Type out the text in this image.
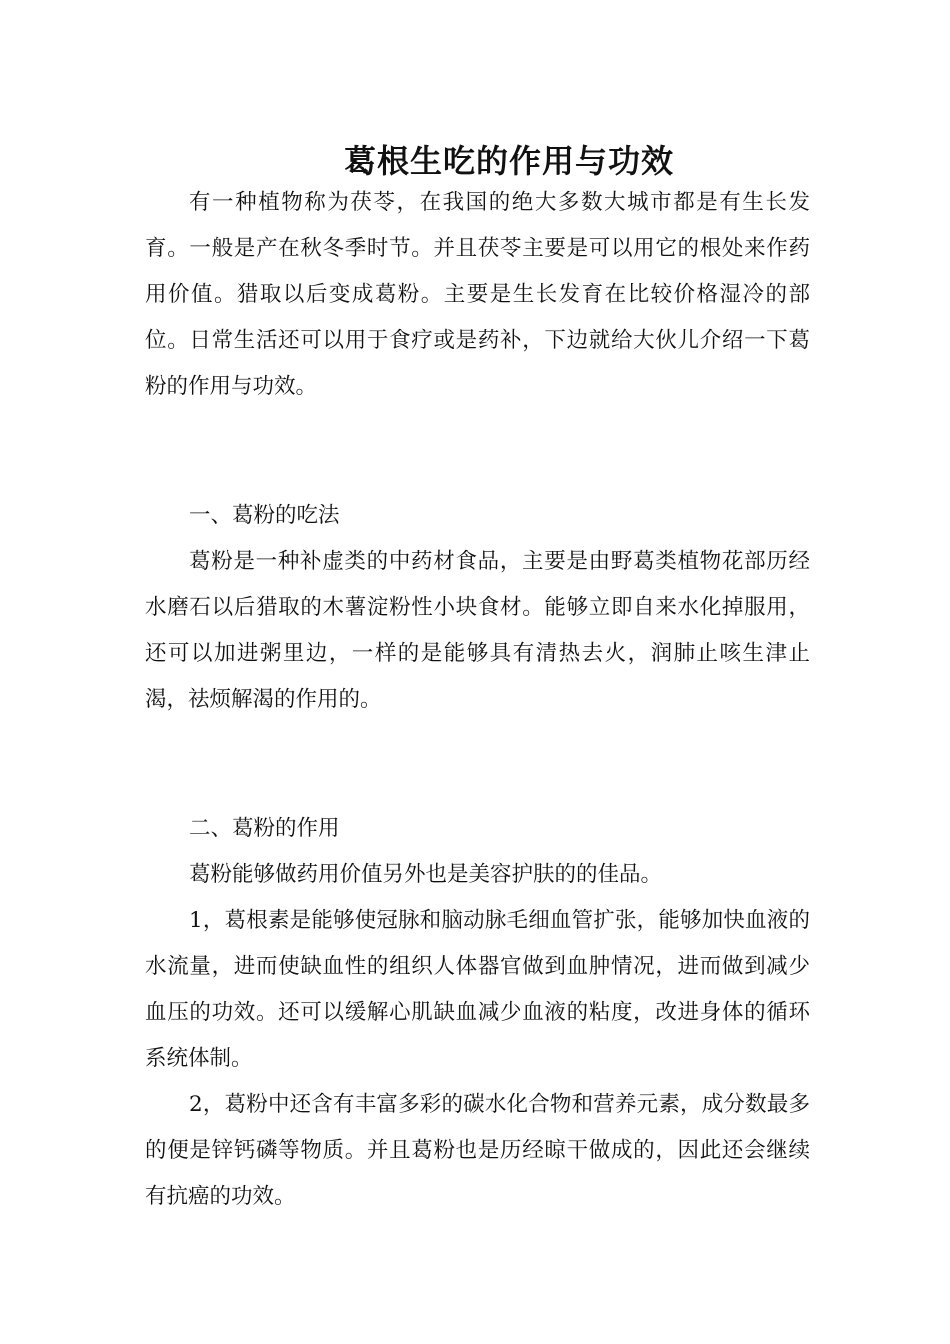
葛根生吃的作用与功效

有一种植物称为茯苓，在我国的绝大多数大城市都是有生长发育。一般是产在秋冬季时节。并且茯苓主要是可以用它的根处来作药用价值。猎取以后变成葛粉。主要是生长发育在比较价格湿冷的部位。日常生活还可以用于食疗或是药补，下边就给大伙儿介绍一下葛粉的作用与功效。

一、葛粉的吃法

葛粉是一种补虚类的中药材食品，主要是由野葛类植物花部历经水磨石以后猎取的木薯淀粉性小块食材。能够立即自来水化掉服用，还可以加进粥里边，一样的是能够具有清热去火，润肺止咳生津止渴，祛烦解渴的作用的。

二、葛粉的作用

葛粉能够做药用价值另外也是美容护肤的的佳品。

1，葛根素是能够使冠脉和脑动脉毛细血管扩张，能够加快血液的水流量，进而使缺血性的组织人体器官做到血肿情况，进而做到减少血压的功效。还可以缓解心肌缺血减少血液的粘度，改进身体的循环系统体制。

2，葛粉中还含有丰富多彩的碳水化合物和营养元素，成分数最多的便是锌钙磷等物质。并且葛粉也是历经晾干做成的，因此还会继续有抗癌的功效。
